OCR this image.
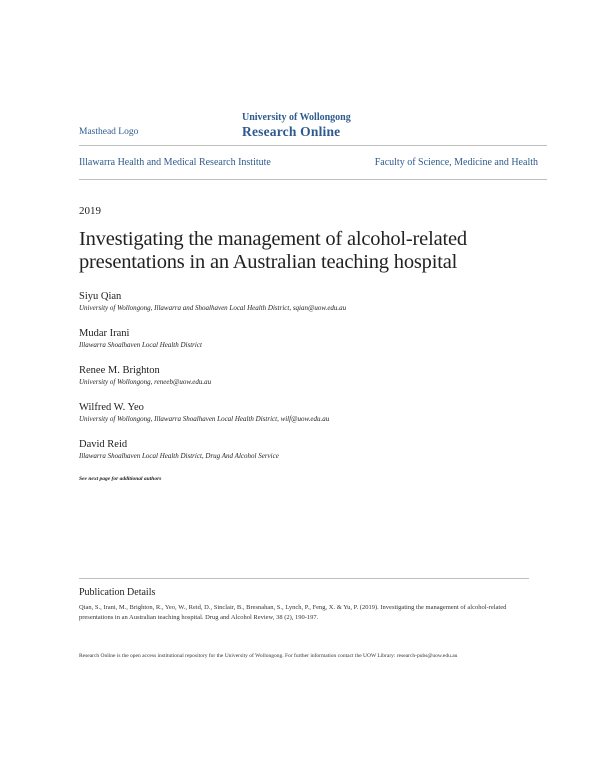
Masthead Logo
University of Wollongong
Research Online
Illawarra Health and Medical Research Institute	Faculty of Science, Medicine and Health
2019
Investigating the management of alcohol-related presentations in an Australian teaching hospital
Siyu Qian
University of Wollongong, Illawarra and Shoalhaven Local Health District, sqian@uow.edu.au
Mudar Irani
Illawarra Shoalhaven Local Health District
Renee M. Brighton
University of Wollongong, reneeb@uow.edu.au
Wilfred W. Yeo
University of Wollongong, Illawarra Shoalhaven Local Health District, wilf@uow.edu.au
David Reid
Illawarra Shoalhaven Local Health District, Drug And Alcohol Service
See next page for additional authors
Publication Details
Qian, S., Irani, M., Brighton, R., Yeo, W., Reid, D., Sinclair, B., Bresnahan, S., Lynch, P., Feng, X. & Yu, P. (2019). Investigating the management of alcohol-related presentations in an Australian teaching hospital. Drug and Alcohol Review, 38 (2), 190-197.
Research Online is the open access institutional repository for the University of Wollongong. For further information contact the UOW Library: research-pubs@uow.edu.au
